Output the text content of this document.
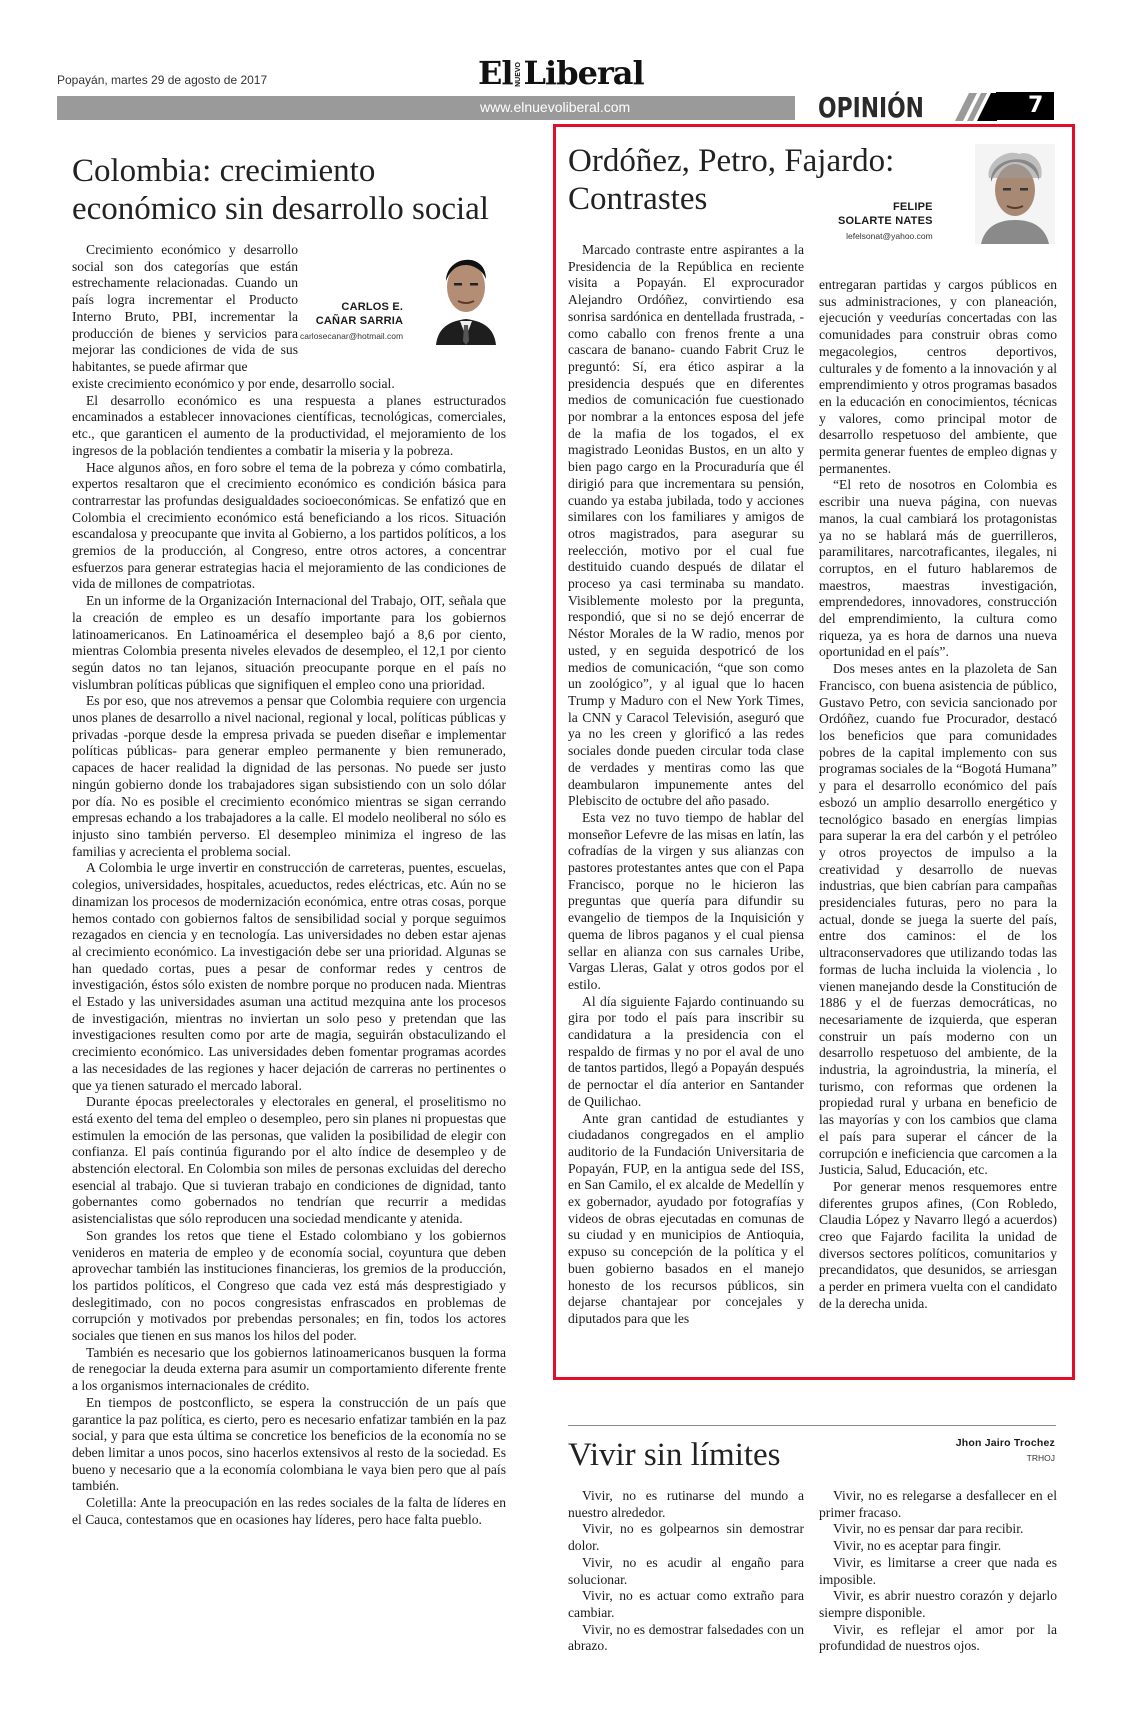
Popayán, martes 29 de agosto de 2017	El NUEVO Liberal
www.elnuevoliberal.com	OPINIÓN	7
Colombia: crecimiento económico sin desarrollo social
CARLOS E.
CAÑAR SARRIA
carlosecanar@hotmail.com

Crecimiento económico y desarrollo social son dos categorías que están estrechamente relacionadas. Cuando un país logra incrementar el Producto Interno Bruto, PBI, incrementar la producción de bienes y servicios para mejorar las condiciones de vida de sus habitantes, se puede afirmar que

existe crecimiento económico y por ende, desarrollo social.

El desarrollo económico es una respuesta a planes estructurados encaminados a establecer innovaciones científicas, tecnológicas, comerciales, etc., que garanticen el aumento de la productividad, el mejoramiento de los ingresos de la población tendientes a combatir la miseria y la pobreza.

Hace algunos años, en foro sobre el tema de la pobreza y cómo combatirla, expertos resaltaron que el crecimiento económico es condición básica para contrarrestar las profundas desigualdades socioeconómicas. Se enfatizó que en Colombia el crecimiento económico está beneficiando a los ricos. Situación escandalosa y preocupante que invita al Gobierno, a los partidos políticos, a los gremios de la producción, al Congreso, entre otros actores, a concentrar esfuerzos para generar estrategias hacia el mejoramiento de las condiciones de vida de millones de compatriotas.

En un informe de la Organización Internacional del Trabajo, OIT, señala que la creación de empleo es un desafío importante para los gobiernos latinoamericanos. En Latinoamérica el desempleo bajó a 8,6 por ciento, mientras Colombia presenta niveles elevados de desempleo, el 12,1 por ciento según datos no tan lejanos, situación preocupante porque en el país no vislumbran políticas públicas que signifiquen el empleo cono una prioridad.

Es por eso, que nos atrevemos a pensar que Colombia requiere con urgencia unos planes de desarrollo a nivel nacional, regional y local, políticas públicas y privadas -porque desde la empresa privada se pueden diseñar e implementar políticas públicas- para generar empleo permanente y bien remunerado, capaces de hacer realidad la dignidad de las personas. No puede ser justo ningún gobierno donde los trabajadores sigan subsistiendo con un solo dólar por día. No es posible el crecimiento económico mientras se sigan cerrando empresas echando a los trabajadores a la calle. El modelo neoliberal no sólo es injusto sino también perverso. El desempleo minimiza el ingreso de las familias y acrecienta el problema social.

A Colombia le urge invertir en construcción de carreteras, puentes, escuelas, colegios, universidades, hospitales, acueductos, redes eléctricas, etc. Aún no se dinamizan los procesos de modernización económica, entre otras cosas, porque hemos contado con gobiernos faltos de sensibilidad social y porque seguimos rezagados en ciencia y en tecnología. Las universidades no deben estar ajenas al crecimiento económico. La investigación debe ser una prioridad. Algunas se han quedado cortas, pues a pesar de conformar redes y centros de investigación, éstos sólo existen de nombre porque no producen nada. Mientras el Estado y las universidades asuman una actitud mezquina ante los procesos de investigación, mientras no inviertan un solo peso y pretendan que las investigaciones resulten como por arte de magia, seguirán obstaculizando el crecimiento económico. Las universidades deben fomentar programas acordes a las necesidades de las regiones y hacer dejación de carreras no pertinentes o que ya tienen saturado el mercado laboral.

Durante épocas preelectorales y electorales en general, el proselitismo no está exento del tema del empleo o desempleo, pero sin planes ni propuestas que estimulen la emoción de las personas, que validen la posibilidad de elegir con confianza. El país continúa figurando por el alto índice de desempleo y de abstención electoral. En Colombia son miles de personas excluidas del derecho esencial al trabajo. Que si tuvieran trabajo en condiciones de dignidad, tanto gobernantes como gobernados no tendrían que recurrir a medidas asistencialistas que sólo reproducen una sociedad mendicante y atenida.

Son grandes los retos que tiene el Estado colombiano y los gobiernos venideros en materia de empleo y de economía social, coyuntura que deben aprovechar también las instituciones financieras, los gremios de la producción, los partidos políticos, el Congreso que cada vez está más desprestigiado y deslegitimado, con no pocos congresistas enfrascados en problemas de corrupción y motivados por prebendas personales; en fin, todos los actores sociales que tienen en sus manos los hilos del poder.

También es necesario que los gobiernos latinoamericanos busquen la forma de renegociar la deuda externa para asumir un comportamiento diferente frente a los organismos internacionales de crédito.

En tiempos de postconflicto, se espera la construcción de un país que garantice la paz política, es cierto, pero es necesario enfatizar también en la paz social, y para que esta última se concretice los beneficios de la economía no se deben limitar a unos pocos, sino hacerlos extensivos al resto de la sociedad. Es bueno y necesario que a la economía colombiana le vaya bien pero que al país también.

Coletilla: Ante la preocupación en las redes sociales de la falta de líderes en el Cauca, contestamos que en ocasiones hay líderes, pero hace falta pueblo.

Ordóñez, Petro, Fajardo: Contrastes	FELIPE
SOLARTE NATES
lefelsonat@yahoo.com

Marcado contraste entre aspirantes a la Presidencia de la República en reciente visita a Popayán. El exprocurador Alejandro Ordóñez, convirtiendo esa sonrisa sardónica en dentellada frustrada, -como caballo con frenos frente a una cascara de banano- cuando Fabrit Cruz le preguntó: Sí, era ético aspirar a la presidencia después que en diferentes medios de comunicación fue cuestionado por nombrar a la entonces esposa del jefe de la mafia de los togados, el ex magistrado Leonidas Bustos, en un alto y bien pago cargo en la Procuraduría que él dirigió para que incrementara su pensión, cuando ya estaba jubilada, todo y acciones similares con los familiares y amigos de otros magistrados, para asegurar su reelección, motivo por el cual fue destituido cuando después de dilatar el proceso ya casi terminaba su mandato. Visiblemente molesto por la pregunta, respondió, que si no se dejó encerrar de Néstor Morales de la W radio, menos por usted, y en seguida despotricó de los medios de comunicación, “que son como un zoológico”, y al igual que lo hacen Trump y Maduro con el New York Times, la CNN y Caracol Televisión, aseguró que ya no les creen y glorificó a las redes sociales donde pueden circular toda clase de verdades y mentiras como las que deambularon impunemente antes del Plebiscito de octubre del año pasado.

Esta vez no tuvo tiempo de hablar del monseñor Lefevre de las misas en latín, las cofradías de la virgen y sus alianzas con pastores protestantes antes que con el Papa Francisco, porque no le hicieron las preguntas que quería para difundir su evangelio de tiempos de la Inquisición y quema de libros paganos y el cual piensa sellar en alianza con sus carnales Uribe, Vargas Lleras, Galat y otros godos por el estilo.

Al día siguiente Fajardo continuando su gira por todo el país para inscribir su candidatura a la presidencia con el respaldo de firmas y no por el aval de uno de tantos partidos, llegó a Popayán después de pernoctar el día anterior en Santander de Quilichao.

Ante gran cantidad de estudiantes y ciudadanos congregados en el amplio auditorio de la Fundación Universitaria de Popayán, FUP, en la antigua sede del ISS, en San Camilo, el ex alcalde de Medellín y ex gobernador, ayudado por fotografías y videos de obras ejecutadas en comunas de su ciudad y en municipios de Antioquia, expuso su concepción de la política y el buen gobierno basados en el manejo honesto de los recursos públicos, sin dejarse chantajear por concejales y diputados para que les

entregaran partidas y cargos públicos en sus administraciones, y con planeación, ejecución y veedurías concertadas con las comunidades para construir obras como megacolegios, centros deportivos, culturales y de fomento a la innovación y al emprendimiento y otros programas basados en la educación en conocimientos, técnicas y valores, como principal motor de desarrollo respetuoso del ambiente, que permita generar fuentes de empleo dignas y permanentes.

“El reto de nosotros en Colombia es escribir una nueva página, con nuevas manos, la cual cambiará los protagonistas ya no se hablará más de guerrilleros, paramilitares, narcotraficantes, ilegales, ni corruptos, en el futuro hablaremos de maestros, maestras investigación, emprendedores, innovadores, construcción del emprendimiento, la cultura como riqueza, ya es hora de darnos una nueva oportunidad en el país”.

Dos meses antes en la plazoleta de San Francisco, con buena asistencia de público, Gustavo Petro, con sevicia sancionado por Ordóñez, cuando fue Procurador, destacó los beneficios que para comunidades pobres de la capital implemento con sus programas sociales de la “Bogotá Humana” y para el desarrollo económico del país esbozó un amplio desarrollo energético y tecnológico basado en energías limpias para superar la era del carbón y el petróleo y otros proyectos de impulso a la creatividad y desarrollo de nuevas industrias, que bien cabrían para campañas presidenciales futuras, pero no para la actual, donde se juega la suerte del país, entre dos caminos: el de los ultraconservadores que utilizando todas las formas de lucha incluida la violencia , lo vienen manejando desde la Constitución de 1886 y el de fuerzas democráticas, no necesariamente de izquierda, que esperan construir un país moderno con un desarrollo respetuoso del ambiente, de la industria, la agroindustria, la minería, el turismo, con reformas que ordenen la propiedad rural y urbana en beneficio de las mayorías y con los cambios que clama el país para superar el cáncer de la corrupción e ineficiencia que carcomen a la Justicia, Salud, Educación, etc.

Por generar menos resquemores entre diferentes grupos afines, (Con Robledo, Claudia López y Navarro llegó a acuerdos) creo que Fajardo facilita la unidad de diversos sectores políticos, comunitarios y precandidatos, que desunidos, se arriesgan a perder en primera vuelta con el candidato de la derecha unida.

Vivir sin límites	Jhon Jairo Trochez
TRHOJ

Vivir, no es rutinarse del mundo a nuestro alrededor.

Vivir, no es golpearnos sin demostrar dolor.

Vivir, no es acudir al engaño para solucionar.

Vivir, no es actuar como extraño para cambiar.

Vivir, no es demostrar falsedades con un abrazo.

Vivir, no es relegarse a desfallecer en el primer fracaso.

Vivir, no es pensar dar para recibir.

Vivir, no es aceptar para fingir.

Vivir, es limitarse a creer que nada es imposible.

Vivir, es abrir nuestro corazón y dejarlo siempre disponible.

Vivir, es reflejar el amor por la profundidad de nuestros ojos.
